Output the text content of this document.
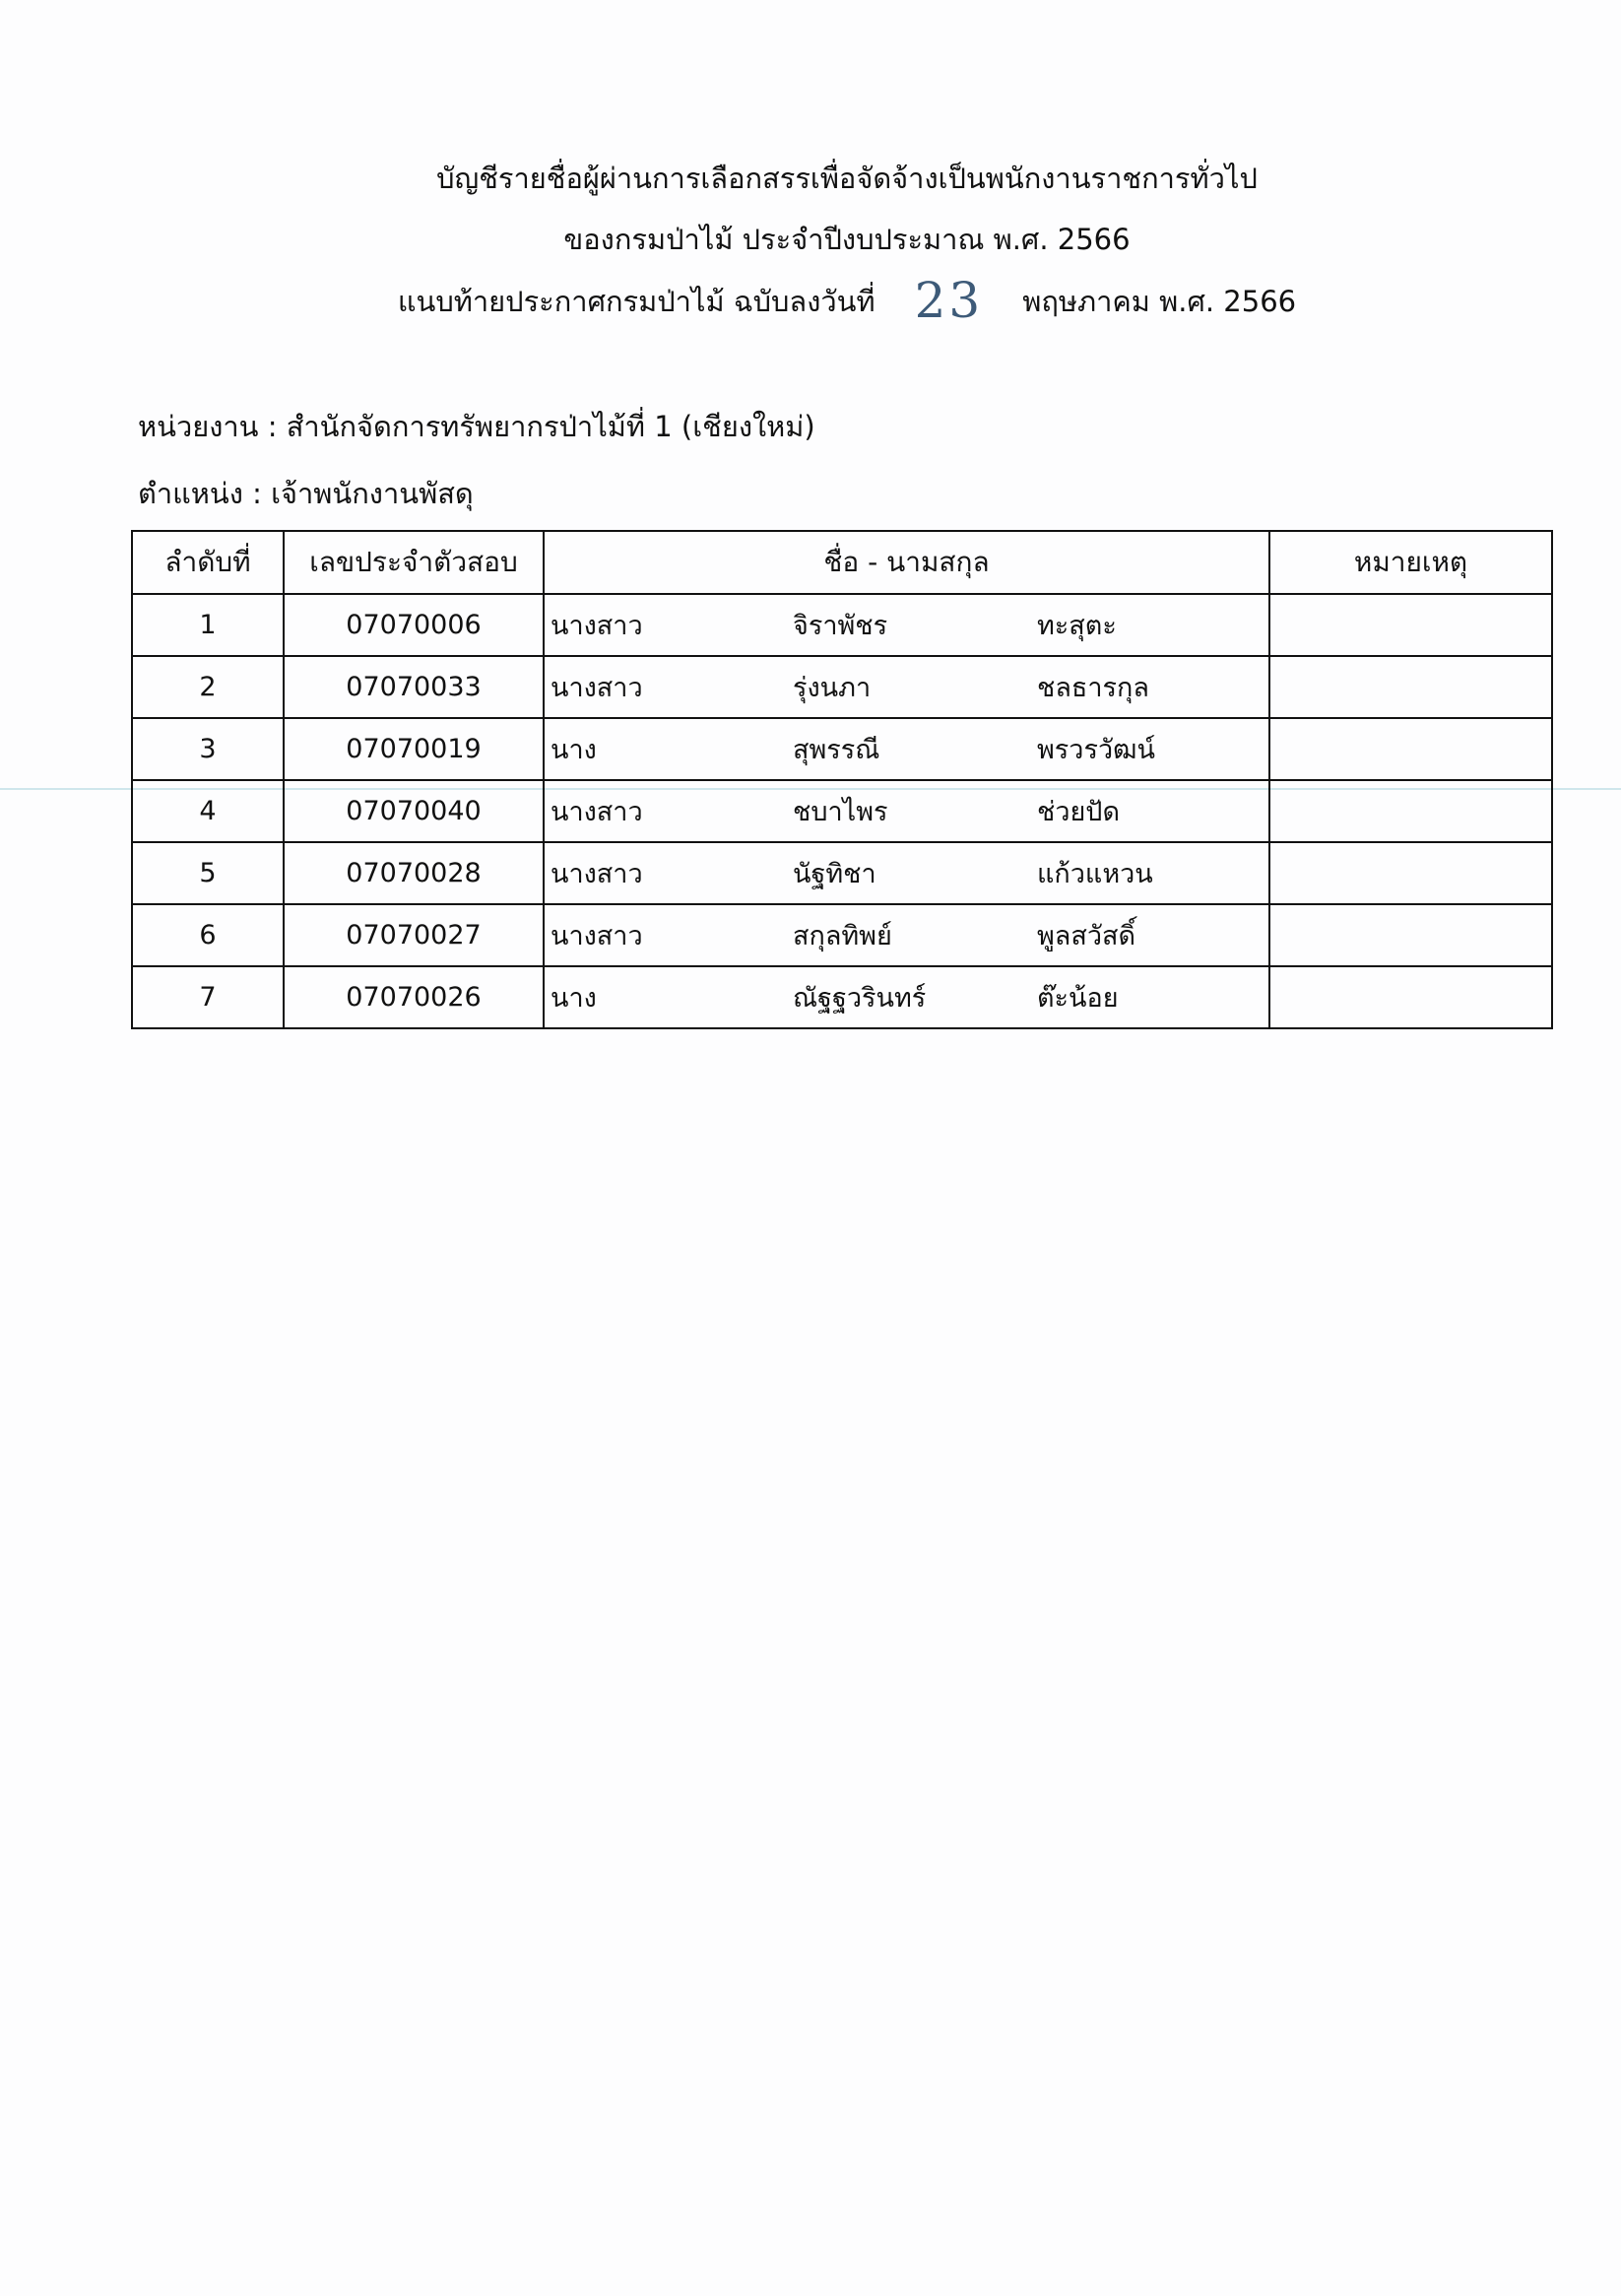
บัญชีรายชื่อผู้ผ่านการเลือกสรรเพื่อจัดจ้างเป็นพนักงานราชการทั่วไป
ของกรมป่าไม้ ประจำปีงบประมาณ พ.ศ. 2566
แนบท้ายประกาศกรมป่าไม้ ฉบับลงวันที่ 23 พฤษภาคม พ.ศ. 2566
หน่วยงาน : สำนักจัดการทรัพยากรป่าไม้ที่ 1 (เชียงใหม่)
ตำแหน่ง : เจ้าพนักงานพัสดุ
ลำดับที่	เลขประจำตัวสอบ	ชื่อ - นามสกุล	หมายเหตุ
1	07070006	นางสาว จิราพัชร ทะสุตะ	
2	07070033	นางสาว รุ่งนภา ชลธารกุล	
3	07070019	นาง สุพรรณี พรวรวัฒน์	
4	07070040	นางสาว ชบาไพร ช่วยปัด	
5	07070028	นางสาว นัฐทิชา แก้วแหวน	
6	07070027	นางสาว สกุลทิพย์ พูลสวัสดิ์	
7	07070026	นาง ณัฐฐวรินทร์ ต๊ะน้อย	
